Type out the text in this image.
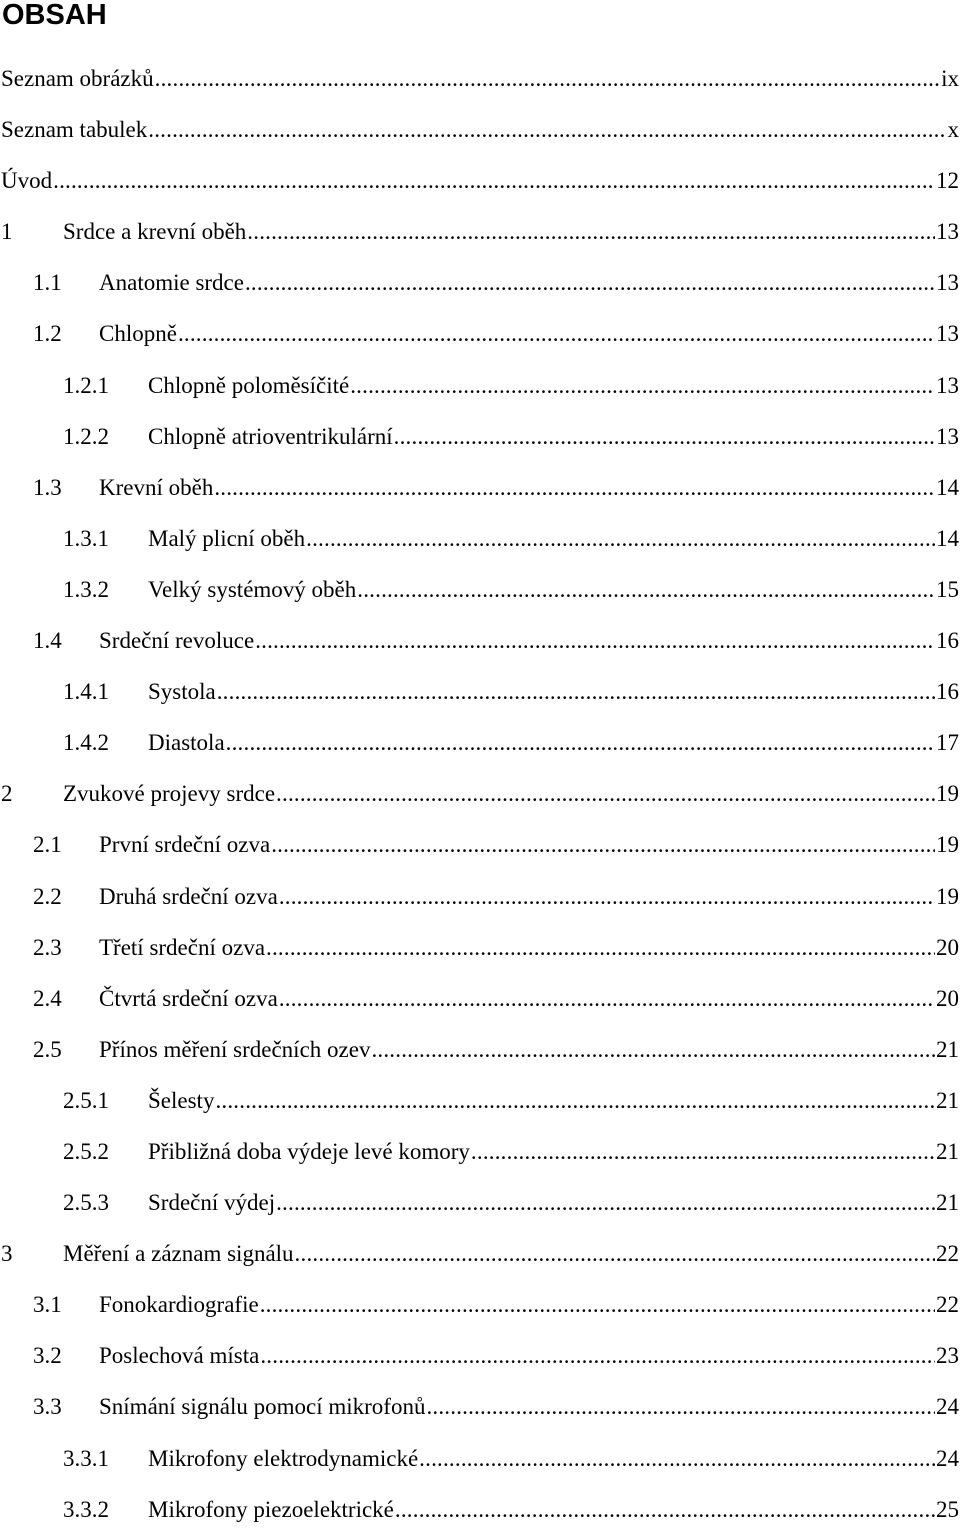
OBSAH
Seznam obrázků .....	ix
Seznam tabulek .....	x
Úvod .....	12
1	Srdce a krevní oběh .....	13
1.1	Anatomie srdce .....	13
1.2	Chlopně .....	13
1.2.1	Chlopně poloměsíčité .....	13
1.2.2	Chlopně atrioventrikulární .....	13
1.3	Krevní oběh .....	14
1.3.1	Malý plicní oběh .....	14
1.3.2	Velký systémový oběh .....	15
1.4	Srdeční revoluce .....	16
1.4.1	Systola .....	16
1.4.2	Diastola .....	17
2	Zvukové projevy srdce .....	19
2.1	První srdeční ozva .....	19
2.2	Druhá srdeční ozva .....	19
2.3	Třetí srdeční ozva .....	20
2.4	Čtvrtá srdeční ozva .....	20
2.5	Přínos měření srdečních ozev .....	21
2.5.1	Šelesty .....	21
2.5.2	Přibližná doba výdeje levé komory .....	21
2.5.3	Srdeční výdej .....	21
3	Měření a záznam signálu .....	22
3.1	Fonokardiografie .....	22
3.2	Poslechová místa .....	23
3.3	Snímání signálu pomocí mikrofonů .....	24
3.3.1	Mikrofony elektrodynamické .....	24
3.3.2	Mikrofony piezoelektrické .....	25
